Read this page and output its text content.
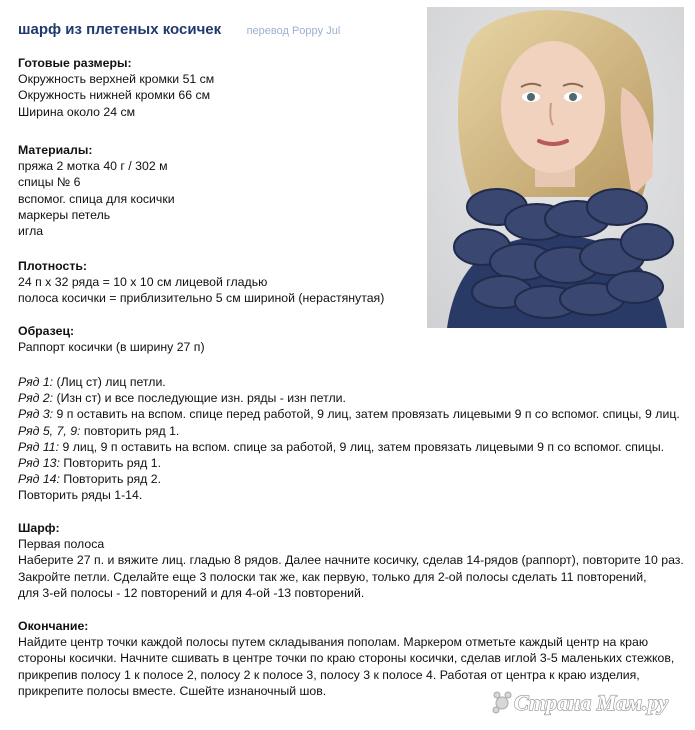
шарф из плетеных косичек перевод Poppy Jul
Готовые размеры:
Окружность верхней кромки 51 см
Окружность нижней кромки 66 см
Ширина около 24 см
Материалы:
пряжа 2 мотка 40 г / 302 м
спицы № 6
вспомог. спица для косички
маркеры петель
игла
Плотность:
24 п х 32 ряда = 10 х 10 см лицевой гладью
полоса косички = приблизительно 5 см шириной (нерастянутая)
Образец:
Раппорт косички (в ширину 27 п)
Ряд 1: (Лиц ст) лиц петли.
Ряд 2: (Изн ст) и все последующие изн. ряды - изн петли.
Ряд 3: 9 п оставить на вспом. спице перед работой, 9 лиц, затем провязать лицевыми 9 п со вспомог. спицы, 9 лиц.
Ряд 5, 7, 9: повторить ряд 1.
Ряд 11: 9 лиц, 9 п оставить на вспом. спице за работой, 9 лиц, затем провязать лицевыми 9 п со вспомог. спицы.
Ряд 13: Повторить ряд 1.
Ряд 14: Повторить ряд 2.
Повторить ряды 1-14.
Шарф:
Первая полоса
Наберите 27 п. и вяжите лиц. гладью 8 рядов. Далее начните косичку, сделав 14-рядов (раппорт), повторите 10 раз.
Закройте петли. Сделайте еще 3 полоски так же, как первую, только для 2-ой полосы сделать 11 повторений,
для 3-ей полосы - 12 повторений и для 4-ой -13 повторений.
Окончание:
Найдите центр точки каждой полосы путем складывания пополам. Маркером отметьте каждый центр на краю
стороны косички. Начните сшивать в центре точки по краю стороны косички, сделав иглой 3-5 маленьких стежков,
прикрепив полосу 1 к полосе 2, полосу 2 к полосе 3, полосу 3 к полосе 4. Работая от центра к краю изделия,
прикрепите полосы вместе. Сшейте изнаночный шов.	Страна Мам.ру
